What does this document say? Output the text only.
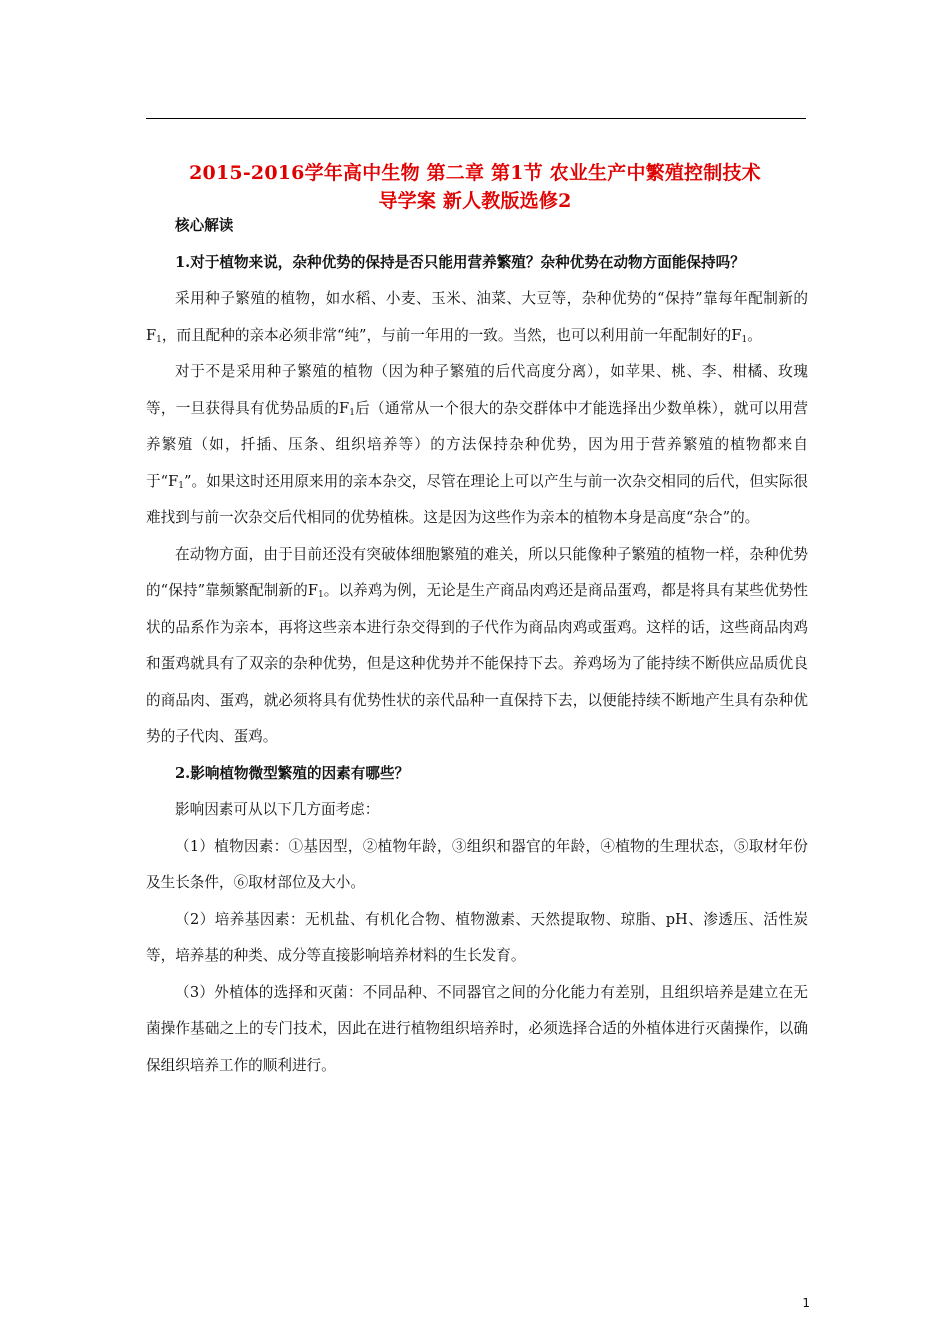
2015-2016学年高中生物 第二章 第1节 农业生产中繁殖控制技术
导学案 新人教版选修2

核心解读

1.对于植物来说，杂种优势的保持是否只能用营养繁殖？杂种优势在动物方面能保持吗？

采用种子繁殖的植物，如水稻、小麦、玉米、油菜、大豆等，杂种优势的“保持”靠每年配制新的$F_1$，而且配种的亲本必须非常“纯”，与前一年用的一致。当然，也可以利用前一年配制好的$F_1$。

对于不是采用种子繁殖的植物（因为种子繁殖的后代高度分离），如苹果、桃、李、柑橘、玫瑰等，一旦获得具有优势品质的$F_1$后（通常从一个很大的杂交群体中才能选择出少数单株），就可以用营养繁殖（如，扦插、压条、组织培养等）的方法保持杂种优势，因为用于营养繁殖的植物都来自于“$F_1$”。如果这时还用原来用的亲本杂交，尽管在理论上可以产生与前一次杂交相同的后代，但实际很难找到与前一次杂交后代相同的优势植株。这是因为这些作为亲本的植物本身是高度“杂合”的。

在动物方面，由于目前还没有突破体细胞繁殖的难关，所以只能像种子繁殖的植物一样，杂种优势的“保持”靠频繁配制新的$F_1$。以养鸡为例，无论是生产商品肉鸡还是商品蛋鸡，都是将具有某些优势性状的品系作为亲本，再将这些亲本进行杂交得到的子代作为商品肉鸡或蛋鸡。这样的话，这些商品肉鸡和蛋鸡就具有了双亲的杂种优势，但是这种优势并不能保持下去。养鸡场为了能持续不断供应品质优良的商品肉、蛋鸡，就必须将具有优势性状的亲代品种一直保持下去，以便能持续不断地产生具有杂种优势的子代肉、蛋鸡。

2.影响植物微型繁殖的因素有哪些？

影响因素可从以下几方面考虑：

（1）植物因素：①基因型，②植物年龄，③组织和器官的年龄，④植物的生理状态，⑤取材年份及生长条件，⑥取材部位及大小。

（2）培养基因素：无机盐、有机化合物、植物激素、天然提取物、琼脂、pH、渗透压、活性炭等，培养基的种类、成分等直接影响培养材料的生长发育。

（3）外植体的选择和灭菌：不同品种、不同器官之间的分化能力有差别，且组织培养是建立在无菌操作基础之上的专门技术，因此在进行植物组织培养时，必须选择合适的外植体进行灭菌操作，以确保组织培养工作的顺利进行。

1
